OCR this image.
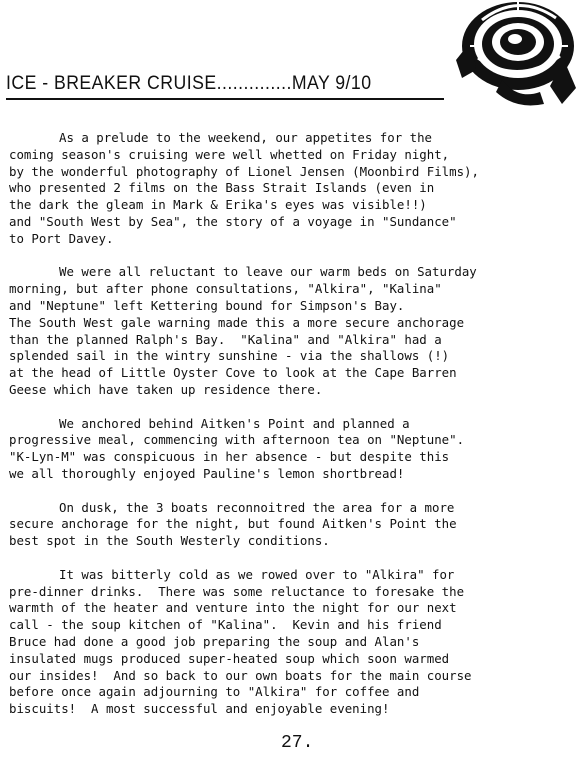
ICE - BREAKER CRUISE..............MAY 9/10
As a prelude to the weekend, our appetites for the
coming season's cruising were well whetted on Friday night,
by the wonderful photography of Lionel Jensen (Moonbird Films),
who presented 2 films on the Bass Strait Islands (even in
the dark the gleam in Mark & Erika's eyes was visible!!)
and "South West by Sea", the story of a voyage in "Sundance"
to Port Davey.
We were all reluctant to leave our warm beds on Saturday
morning, but after phone consultations, "Alkira", "Kalina"
and "Neptune" left Kettering bound for Simpson's Bay.
The South West gale warning made this a more secure anchorage
than the planned Ralph's Bay.  "Kalina" and "Alkira" had a
splended sail in the wintry sunshine - via the shallows (!)
at the head of Little Oyster Cove to look at the Cape Barren
Geese which have taken up residence there.
We anchored behind Aitken's Point and planned a
progressive meal, commencing with afternoon tea on "Neptune".
"K-Lyn-M" was conspicuous in her absence - but despite this
we all thoroughly enjoyed Pauline's lemon shortbread!
On dusk, the 3 boats reconnoitred the area for a more
secure anchorage for the night, but found Aitken's Point the
best spot in the South Westerly conditions.
It was bitterly cold as we rowed over to "Alkira" for
pre-dinner drinks.  There was some reluctance to foresake the
warmth of the heater and venture into the night for our next
call - the soup kitchen of "Kalina".  Kevin and his friend
Bruce had done a good job preparing the soup and Alan's
insulated mugs produced super-heated soup which soon warmed
our insides!  And so back to our own boats for the main course
before once again adjourning to "Alkira" for coffee and
biscuits!  A most successful and enjoyable evening!
27.
